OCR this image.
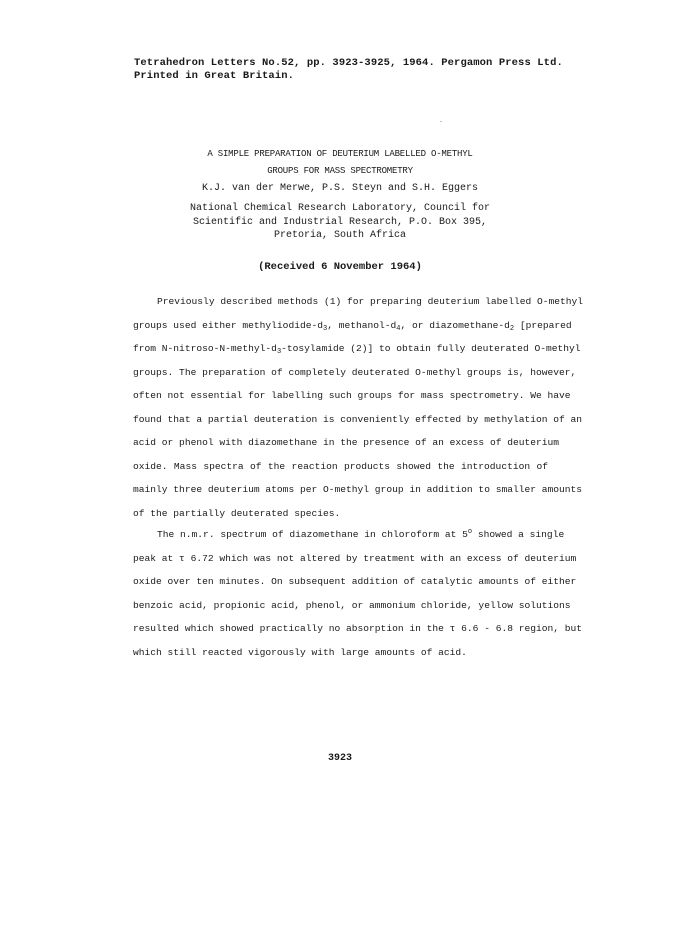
Tetrahedron Letters No.52, pp. 3923-3925, 1964. Pergamon Press Ltd.
Printed in Great Britain.
A SIMPLE PREPARATION OF DEUTERIUM LABELLED O-METHYL
GROUPS FOR MASS SPECTROMETRY
K.J. van der Merwe, P.S. Steyn and S.H. Eggers
National Chemical Research Laboratory, Council for
Scientific and Industrial Research, P.O. Box 395,
Pretoria, South Africa
(Received 6 November 1964)
Previously described methods (1) for preparing deuterium labelled O-methyl
groups used either methyliodide-$d_3$, methanol-$d_4$, or diazomethane-$d_2$ [prepared
from $N-nitroso-N-methyl-d_3$-tosylamide (2)] to obtain fully deuterated O-methyl
groups. The preparation of completely deuterated O-methyl groups is, however,
often not essential for labelling such groups for mass spectrometry. We have
found that a partial deuteration is conveniently effected by methylation of an
acid or phenol with diazomethane in the presence of an excess of deuterium
oxide. Mass spectra of the reaction products showed the introduction of
mainly three deuterium atoms per O-methyl group in addition to smaller amounts
of the partially deuterated species.
The n.m.r. spectrum of diazomethane in chloroform at 5$^o$ showed a single
peak at τ 6.72 which was not altered by treatment with an excess of deuterium
oxide over ten minutes. On subsequent addition of catalytic amounts of either
benzoic acid, propionic acid, phenol, or ammonium chloride, yellow solutions
resulted which showed practically no absorption in the τ 6.6 - 6.8 region, but
which still reacted vigorously with large amounts of acid.
3923
